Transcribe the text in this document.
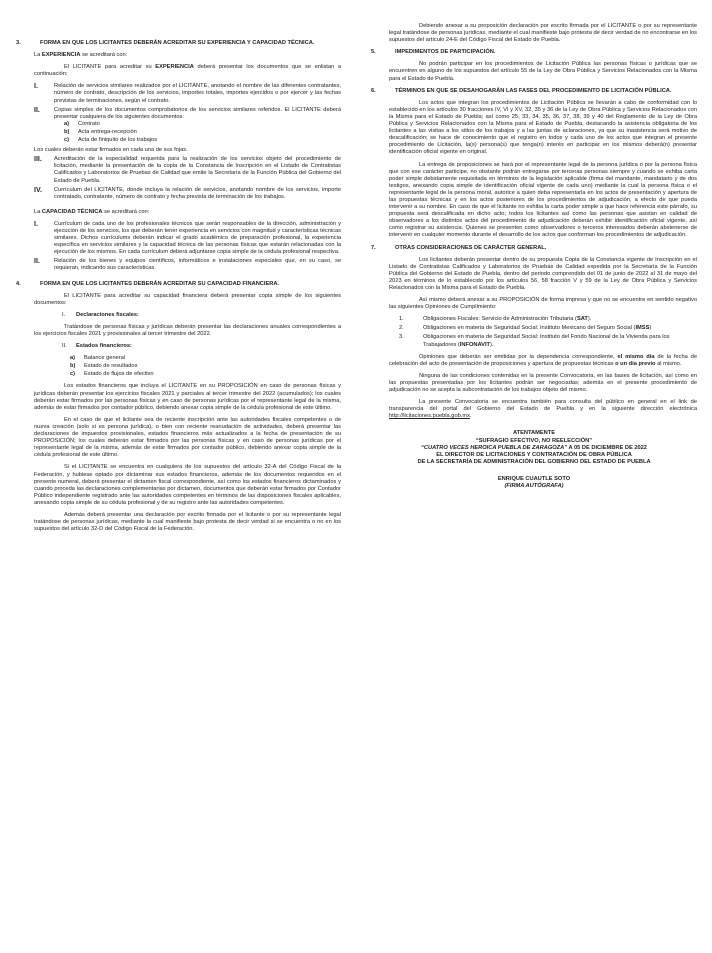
3.	FORMA EN QUE LOS LICITANTES DEBERÁN ACREDITAR SU EXPERIENCIA Y CAPACIDAD TÉCNICA.

La EXPERIENCIA se acreditará con:

El LICITANTE para acreditar su EXPERIENCIA deberá presentar los documentos que se enlistan a continuación:

I.	Relación de servicios similares realizados por el LICITANTE, anotando el nombre de las diferentes contratantes, número de contrato, descripción de los servicios, importes totales, importes ejercidos o por ejercer y las fechas previstas de terminaciones, según el contrato.
II.	Copias simples de los documentos comprobatorios de los servicios similares referidos. El LICITANTE deberá presentar cualquiera de los siguientes documentos:
a)	Contrato
b)	Acta entrega-recepción
c)	Acta de finiquito de los trabajos
Los cuales deberán estar firmados en cada una de sus fojas.
III.	Acreditación de la especialidad requerida para la realización de los servicios objeto del procedimiento de licitación, mediante la presentación de la copia de la Constancia de Inscripción en el Listado de Contratistas Calificados y Laboratorios de Pruebas de Calidad que emite la Secretaría de la Función Pública del Gobierno del Estado de Puebla.
IV.	Currículum del LICITANTE, donde incluya la relación de servicios, anotando nombre de los servicios, importe contratado, contratante, número de contrato y fecha prevista de terminación de los trabajos.

La CAPACIDAD TÉCNICA se acreditará con:

I.	Currículum de cada uno de los profesionales técnicos que serán responsables de la dirección, administración y ejecución de los servicios, los que deberán tener experiencia en servicios con magnitud y características técnicas similares. Dichos currículums deberán indicar el grado académico de preparación profesional, la experiencia específica en servicios similares y la capacidad técnica de las personas físicas que estarán relacionadas con la ejecución de los mismos. En cada currículum deberá adjuntarse copia simple de la cédula profesional respectiva.
II.	Relación de los bienes y equipos científicos, informáticos e instalaciones especiales que, en su caso, se requieran, indicando sus características.
4.	FORMA EN QUE LOS LICITANTES DEBERÁN ACREDITAR SU CAPACIDAD FINANCIERA.

El LICITANTE para acreditar su capacidad financiera deberá presentar copia simple de los siguientes documentos:

I. Declaraciones fiscales:

Tratándose de personas físicas y jurídicas deberán presentar las declaraciones anuales correspondientes a los ejercicios fiscales 2021 y provisionales al tercer trimestre del 2022.

II. Estados financieros:
a)	Balance general
b)	Estado de resultados
c)	Estado de flujos de efectivo

Los estados financieros que incluya el LICITANTE en su PROPOSICIÓN en caso de personas físicas y jurídicas deberán presentar los ejercicios fiscales 2021 y parciales al tercer trimestre del 2022 (acumulados); los cuales deberán estar firmados por las personas físicas y en caso de personas jurídicas por el representante legal de la misma, además de estar firmados por contador público, debiendo anexar copia simple de la cédula profesional de este último.

En el caso de que el licitante sea de reciente inscripción ante las autoridades fiscales competentes o de nueva creación (solo si es persona jurídica), o bien con reciente reanudación de actividades, deberá presentar las declaraciones de impuestos provisionales, estados financieros más actualizados a la fecha de presentación de su PROPOSICIÓN; los cuales deberán estar firmados por las personas físicas y en caso de personas jurídicas por el representante legal de la misma, además de estar firmados por contador público, debiendo anexar copia simple de la cédula profesional de este último.

Si el LICITANTE se encuentra en cualquiera de los supuestos del artículo 32-A del Código Fiscal de la Federación, y hubiese optado por dictaminar sus estados financieros, además de los documentos requeridos en el presente numeral, deberá presentar el dictamen fiscal correspondiente, así como los estados financieros dictaminados y cuando proceda las declaraciones complementarias por dictamen, documentos que deberán estar firmados por Contador Público independiente registrado ante las autoridades competentes en términos de las disposiciones fiscales aplicables, anexando copia simple de su cédula profesional y de su registro ante las autoridades competentes.

Además deberá presentar una declaración por escrito firmada por el licitante o por su representante legal tratándose de personas jurídicas, mediante la cual manifieste bajo protesta de decir verdad si se encuentra o no en los supuestos del artículo 32-D del Código Fiscal de la Federación.

Debiendo anexar a su proposición declaración por escrito firmada por el LICITANTE o por su representante legal tratándose de personas jurídicas, mediante el cual manifieste bajo protesta de decir verdad de no encontrarse en los supuestos del artículo 24-E del Código Fiscal del Estado de Puebla.

5.	IMPEDIMENTOS DE PARTICIPACIÓN.

No podrán participar en los procedimientos de Licitación Pública las personas físicas o jurídicas que se encuentren en alguno de los supuestos del artículo 55 de la Ley de Obra Pública y Servicios Relacionados con la Misma para el Estado de Puebla.

6.	TÉRMINOS EN QUE SE DESAHOGARÁN LAS FASES DEL PROCEDIMIENTO DE LICITACIÓN PÚBLICA.

Los actos que integran los procedimientos de Licitación Pública se llevarán a cabo de conformidad con lo establecido en los artículos 30 fracciones IV, VI y XV, 32, 35 y 36 de la Ley de Obra Pública y Servicios Relacionados con la Misma para el Estado de Puebla; así como 25, 33, 34, 35, 36, 37, 38, 39 y 40 del Reglamento de la Ley de Obra Pública y Servicios Relacionados con la Misma para el Estado de Puebla, destacando la asistencia obligatoria de los licitantes a las visitas a los sitios de los trabajos y a las juntas de aclaraciones, ya que su inasistencia será motivo de descalificación; se hace de conocimiento que el registro en todos y cada uno de los actos que integran el presente procedimiento de Licitación, la(s) persona(s) que tenga(n) interés en participar en los mismos deberá(n) presentar identificación oficial vigente en original.

La entrega de proposiciones se hará por el representante legal de la persona jurídica o por la persona física que con ese carácter participe, no obstante podrán entregarse por terceras personas siempre y cuando se exhiba carta poder simple debidamente requisitada en términos de la legislación aplicable (firma del mandante, mandatario y de dos testigos, anexando copia simple de identificación oficial vigente de cada uno) mediante la cual la persona física o el representante legal de la persona moral, autorice a quien deba representarla en los actos de presentación y apertura de las propuestas técnicas y en los actos posteriores de los procedimientos de adjudicación, a efecto de que pueda intervenir a su nombre. En caso de que el licitante no exhiba la carta poder simple a que hace referencia este párrafo, su propuesta será descalificada en dicho acto; todos los licitantes así como las personas que asistan en calidad de observadores a los distintos actos del procedimiento de adjudicación deberán exhibir identificación oficial vigente, así como registrar su asistencia. Quienes se presenten como observadores o terceros interesados deberán abstenerse de intervenir en cualquier momento durante el desarrollo de los actos que conforman los procedimientos de adjudicación.

7.	OTRAS CONSIDERACIONES DE CARÁCTER GENERAL.

Los licitantes deberán presentar dentro de su propuesta Copia de la Constancia vigente de Inscripción en el Listado de Contratistas Calificados y Laboratorios de Pruebas de Calidad expedida por la Secretaría de la Función Pública del Gobierno del Estado de Puebla, dentro del periodo comprendido del 01 de junio de 2022 al 31 de mayo del 2023 en términos de lo establecido por los artículos 56, 58 fracción V y 59 de la Ley de Obra Pública y Servicios Relacionados con la Misma para el Estado de Puebla.

Así mismo deberá anexar a su PROPOSICIÓN de forma impresa y que no se encuentre en sentido negativo las siguientes Opiniones de Cumplimiento:

1.	Obligaciones Fiscales: Servicio de Administración Tributaria (SAT).
2.	Obligaciones en materia de Seguridad Social: Instituto Mexicano del Seguro Social (IMSS)
3.	Obligaciones en materia de Seguridad Social: Instituto del Fondo Nacional de la Vivienda para los Trabajadores (INFONAVIT).

Opiniones que deberán ser emitidas por la dependencia correspondiente, el mismo día de la fecha de celebración del acto de presentación de proposiciones y apertura de propuestas técnicas o un día previo al mismo.

Ninguna de las condiciones contenidas en la presente Convocatoria, en las bases de licitación, así como en las propuestas presentadas por los licitantes podrán ser negociadas; además en el presente procedimiento de adjudicación no se acepta la subcontratación de los trabajos objeto del mismo.

La presente Convocatoria se encuentra también para consulta del público en general en el link de transparencia del portal del Gobierno del Estado de Puebla y en la siguiente dirección electrónica http://licitaciones.puebla.gob.mx.

ATENTAMENTE

“SUFRAGIO EFECTIVO, NO REELECCIÓN”

“CUATRO VECES HEROICA PUEBLA DE ZARAGOZA” A 05 DE DICIEMBRE DE 2022

EL DIRECTOR DE LICITACIONES Y CONTRATACIÓN DE OBRA PÚBLICA

DE LA SECRETARÍA DE ADMINISTRACIÓN DEL GOBIERNO DEL ESTADO DE PUEBLA

ENRIQUE CUAUTLE SOTO

(FIRMA AUTÓGRAFA)
